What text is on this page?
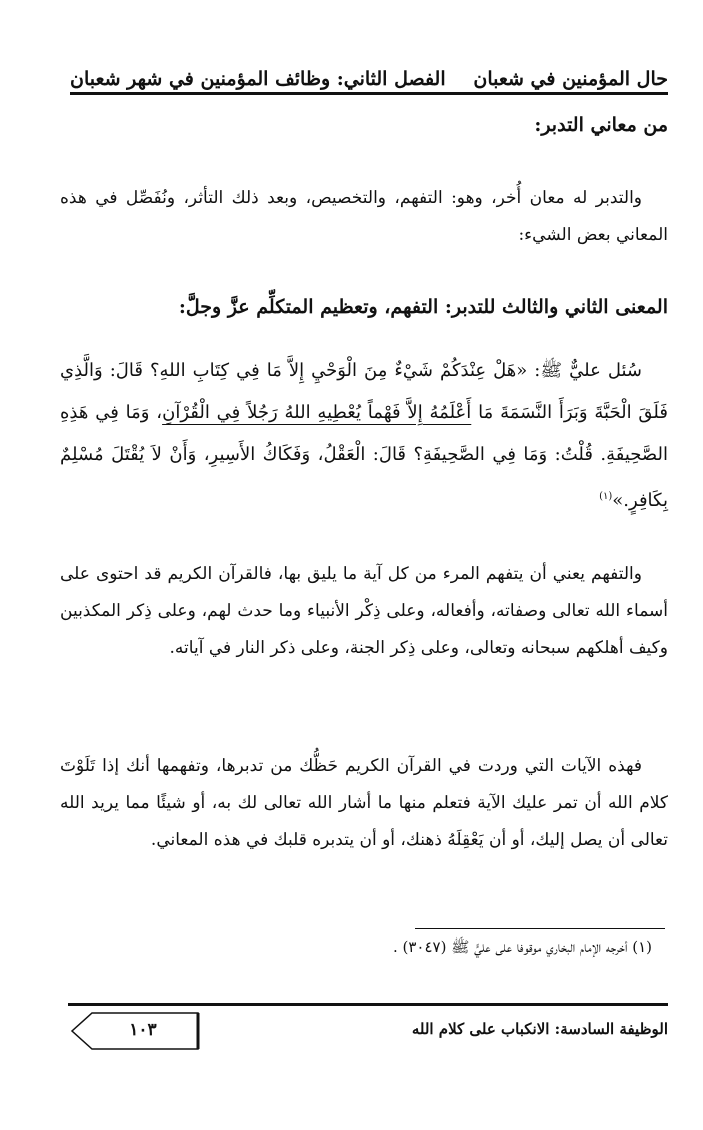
حال المؤمنين في شعبان
الفصل الثاني: وظائف المؤمنين في شهر شعبان
من معاني التدبر:
والتدبر له معان أُخر، وهو: التفهم، والتخصيص، وبعد ذلك التأثر، ونُفَصِّل في هذه المعاني بعض الشيء:
المعنى الثاني والثالث للتدبر: التفهم، وتعظيم المتكلِّم عزَّ وجلَّ:
سُئل عليٌّ ﷺ: «هَلْ عِنْدَكُمْ شَيْءٌ مِنَ الْوَحْيِ إِلاَّ مَا فِي كِتَابِ اللهِ؟ قَالَ: وَالَّذِي فَلَقَ الْحَبَّةَ وَبَرَأَ النَّسَمَةَ مَا أَعْلَمُهُ إِلاَّ فَهْماً يُعْطِيهِ اللهُ رَجُلاً فِي الْقُرْآنِ، وَمَا فِي هَذِهِ الصَّحِيفَةِ. قُلْتُ: وَمَا فِي الصَّحِيفَةِ؟ قَالَ: الْعَقْلُ، وَفَكَاكُ الأَسِيرِ، وَأَنْ لاَ يُقْتَلَ مُسْلِمٌ بِكَافِرٍ.»$^{(١)}$
والتفهم يعني أن يتفهم المرء من كل آية ما يليق بها، فالقرآن الكريم قد احتوى على أسماء الله تعالى وصفاته، وأفعاله، وعلى ذِكْر الأنبياء وما حدث لهم، وعلى ذِكر المكذبين وكيف أهلكهم سبحانه وتعالى، وعلى ذِكر الجنة، وعلى ذكر النار في آياته.
فهذه الآيات التي وردت في القرآن الكريم حَظُّك من تدبرها، وتفهمها أنك إذا تَلَوْتَ كلام الله أن تمر عليك الآية فتعلم منها ما أشار الله تعالى لك به، أو شيئًا مما يريد الله تعالى أن يصل إليك، أو أن يَعْقِلَهُ ذهنك، أو أن يتدبره قلبك في هذه المعاني.
(١) أخرجه الإمام البخاري موقوفا على عليٍّ ﷺ (٣٠٤٧) .
الوظيفة السادسة: الانكباب على كلام الله
١٠٣
